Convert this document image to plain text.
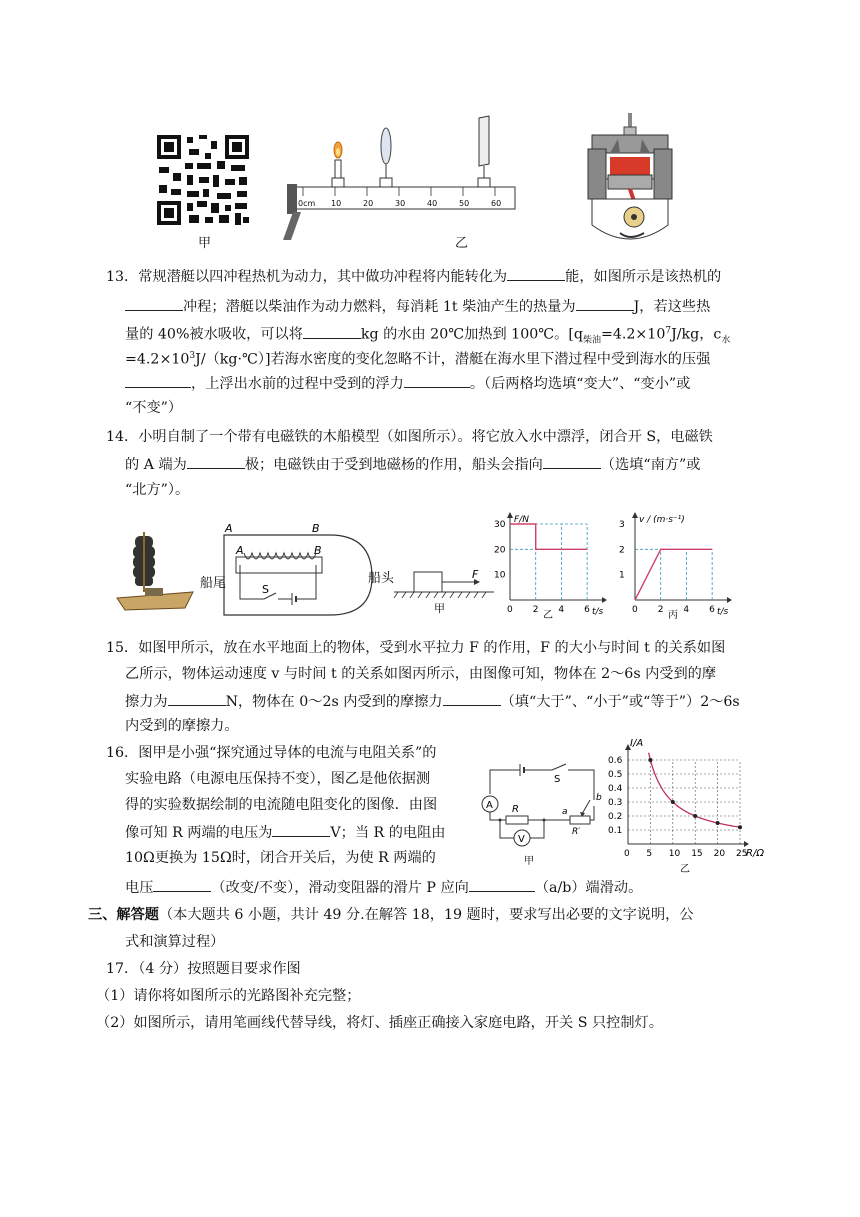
甲
0cm 10	20	30	40	50	60
乙
13．常规潜艇以四冲程热机为动力，其中做功冲程将内能转化为	能，如图所示是该热机的
冲程；潜艇以柴油作为动力燃料，每消耗 1t 柴油产生的热量为	J，若这些热
量的 40%被水吸收，可以将	kg 的水由 20℃加热到 100℃。[$q_{柴油}=4.2\times 10^7J/kg$，$c_水$
$=4.2\times 10^3J/(kg\cdot℃)$]若海水密度的变化忽略不计，潜艇在海水里下潜过程中受到海水的压强
，上浮出水前的过程中受到的浮力	。（后两格均选填“变大”、“变小”或
“不变”）
14．小明自制了一个带有电磁铁的木船模型（如图所示）。将它放入水中漂浮，闭合开 S，电磁铁
的 A 端为	极；电磁铁由于受到地磁杨的作用，船头会指向	（选填“南方”或
“北方”）。
A	B
A	B
S
船尾	船头	F
甲
F/N
t/s
乙
30
20
10
0 2 4 6
v / (m·s⁻¹)
t/s
丙
3
2
1
0 2 4 6
15．如图甲所示，放在水平地面上的物体，受到水平拉力 F 的作用，F 的大小与时间 t 的关系如图
乙所示，物体运动速度 v 与时间 t 的关系如图丙所示，由图像可知，物体在 2～6s 内受到的摩
擦力为	N，物体在 0～2s 内受到的摩擦力	（填“大于”、“小于”或“等于”）2～6s
内受到的摩擦力。
16．图甲是小强“探究通过导体的电流与电阻关系”的
实验电路（电源电压保持不变），图乙是他依据测
得的实验数据绘制的电流随电阻变化的图像．由图
像可知 R 两端的电压为	V；当 R 的电阻由
10Ω更换为 15Ω时，闭合开关后，为使 R 两端的
电压	（改变/不变），滑动变阻器的滑片 P 应向	（a/b）端滑动。
S
A R	a
b
R′
V
甲
I/A
R/Ω
乙
0.6
0.5
0.4
0.3
0.2
0.1
0 5 10 15 20 25
三、解答题（本大题共 6 小题，共计 49 分.在解答 18，19 题时，要求写出必要的文字说明，公
式和演算过程）
17．（4 分）按照题目要求作图
（1）请你将如图所示的光路图补充完整；
（2）如图所示，请用笔画线代替导线，将灯、插座正确接入家庭电路，开关 S 只控制灯。
